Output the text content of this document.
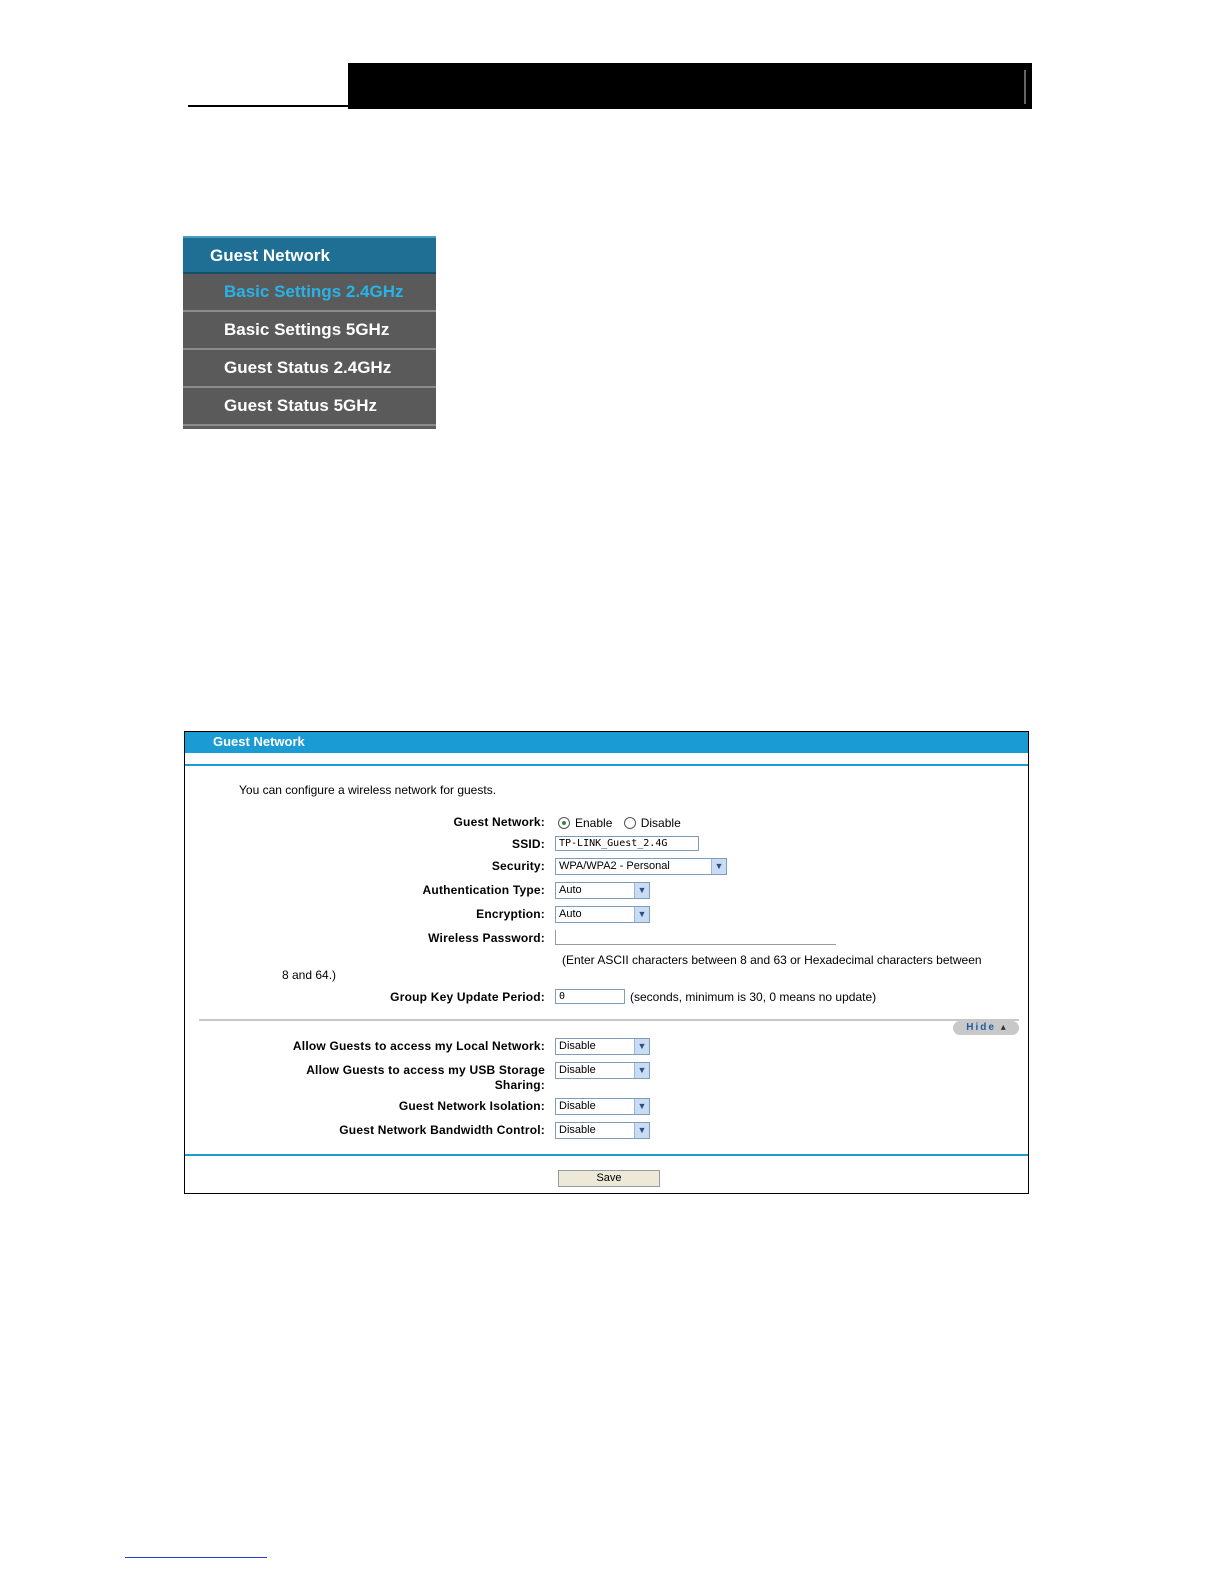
Guest Network
Basic Settings 2.4GHz
Basic Settings 5GHz
Guest Status 2.4GHz
Guest Status 5GHz
Guest Network
You can configure a wireless network for guests.
Guest Network:	Enable Disable
SSID:	TP-LINK_Guest_2.4G
Security:	WPA/WPA2 - Personal	▼
Authentication Type:	Auto	▼
Encryption:	Auto	▼
Wireless Password:
(Enter ASCII characters between 8 and 63 or Hexadecimal characters between
8 and 64.)
Group Key Update Period:	0	(seconds, minimum is 30, 0 means no update)
Hide ▴
Allow Guests to access my Local Network:	Disable	▼
Allow Guests to access my USB Storage
Sharing:
Disable	▼
Guest Network Isolation:	Disable	▼
Guest Network Bandwidth Control:	Disable	▼
Save
